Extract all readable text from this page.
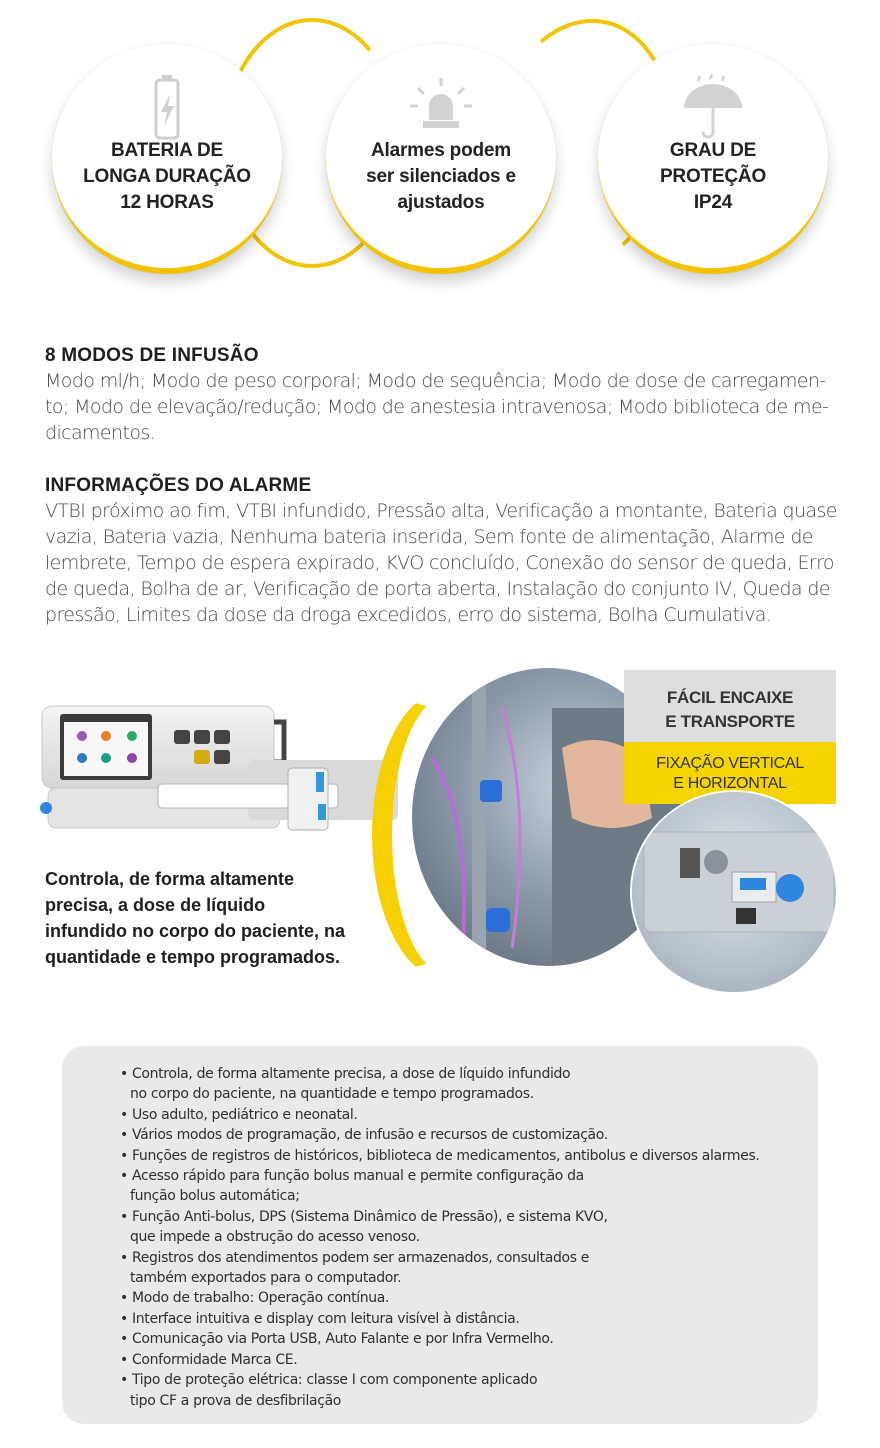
BATERIA DE
LONGA DURAÇÃO
12 HORAS
Alarmes podem
ser silenciados e
ajustados
GRAU DE
PROTEÇÃO
IP24
8 MODOS DE INFUSÃO

Modo ml/h; Modo de peso corporal; Modo de sequência; Modo de dose de carregamen-

to; Modo de elevação/redução; Modo de anestesia intravenosa; Modo biblioteca de me-

dicamentos.

INFORMAÇÕES DO ALARME

VTBI próximo ao fim, VTBI infundido, Pressão alta, Verificação a montante, Bateria quase

vazia, Bateria vazia, Nenhuma bateria inserida, Sem fonte de alimentação, Alarme de

lembrete, Tempo de espera expirado, KVO concluído, Conexão do sensor de queda, Erro

de queda, Bolha de ar, Verificação de porta aberta, Instalação do conjunto IV, Queda de

pressão, Limites da dose da droga excedidos, erro do sistema, Bolha Cumulativa.

Controla, de forma altamente
precisa, a dose de líquido
infundido no corpo do paciente, na
quantidade e tempo programados.
FÁCIL ENCAIXE
E TRANSPORTE
FIXAÇÃO VERTICAL
E HORIZONTAL
• Controla, de forma altamente precisa, a dose de líquido infundido
no corpo do paciente, na quantidade e tempo programados.
• Uso adulto, pediátrico e neonatal.
• Vários modos de programação, de infusão e recursos de customização.
• Funções de registros de históricos, biblioteca de medicamentos, antibolus e diversos alarmes.
• Acesso rápido para função bolus manual e permite configuração da
função bolus automática;
• Função Anti-bolus, DPS (Sistema Dinâmico de Pressão), e sistema KVO,
que impede a obstrução do acesso venoso.
• Registros dos atendimentos podem ser armazenados, consultados e
também exportados para o computador.
• Modo de trabalho: Operação contínua.
• Interface intuitiva e display com leitura visível à distância.
• Comunicação via Porta USB, Auto Falante e por Infra Vermelho.
• Conformidade Marca CE.
• Tipo de proteção elétrica: classe I com componente aplicado
tipo CF a prova de desfibrilação
